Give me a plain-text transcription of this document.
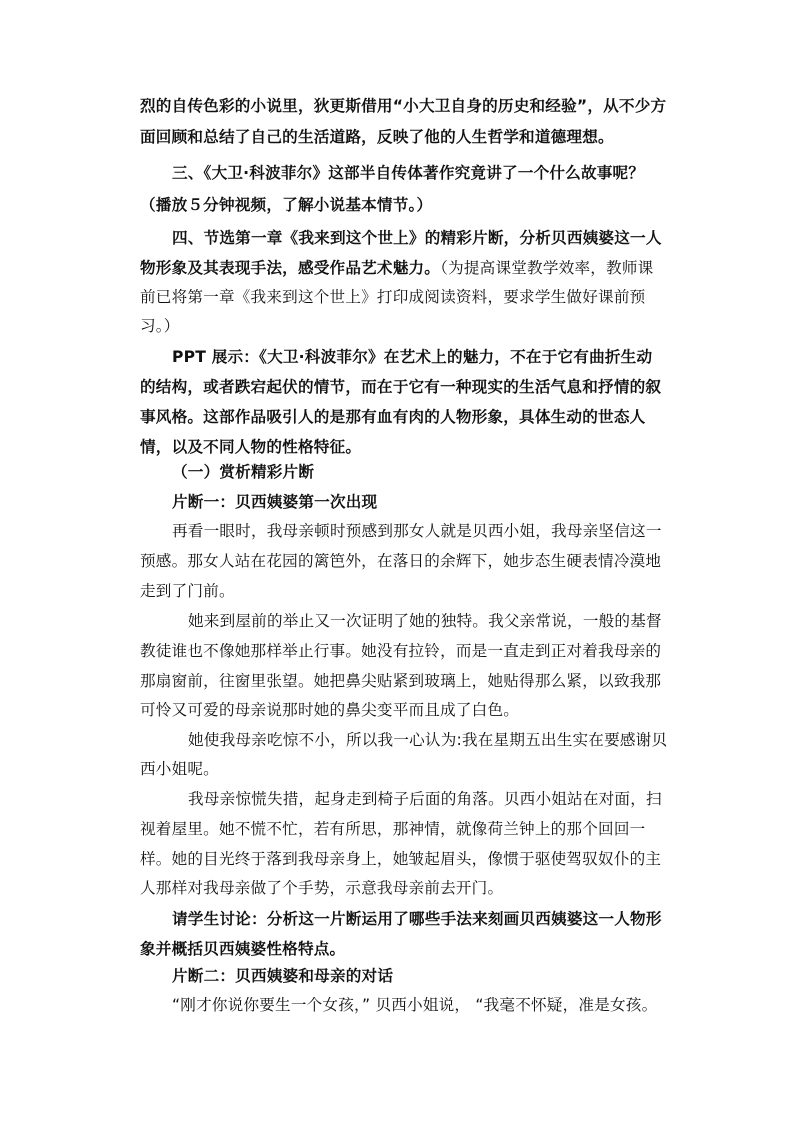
烈的自传色彩的小说里，狄更斯借用“小大卫自身的历史和经验”，从不少方
面回顾和总结了自己的生活道路，反映了他的人生哲学和道德理想。
三、《大卫·科波菲尔》这部半自传体著作究竟讲了一个什么故事呢？
（播放５分钟视频，了解小说基本情节。）
四、节选第一章《我来到这个世上》的精彩片断，分析贝西姨婆这一人
物形象及其表现手法，感受作品艺术魅力。（为提高课堂教学效率，教师课
前已将第一章《我来到这个世上》打印成阅读资料，要求学生做好课前预
习。）
PPT 展示：《大卫·科波菲尔》在艺术上的魅力，不在于它有曲折生动
的结构，或者跌宕起伏的情节，而在于它有一种现实的生活气息和抒情的叙
事风格。这部作品吸引人的是那有血有肉的人物形象，具体生动的世态人
情，以及不同人物的性格特征。
（一）赏析精彩片断
片断一：贝西姨婆第一次出现
再看一眼时，我母亲顿时预感到那女人就是贝西小姐，我母亲坚信这一
预感。那女人站在花园的篱笆外，在落日的余辉下，她步态生硬表情冷漠地
走到了门前。
她来到屋前的举止又一次证明了她的独特。我父亲常说，一般的基督
教徒谁也不像她那样举止行事。她没有拉铃，而是一直走到正对着我母亲的
那扇窗前，往窗里张望。她把鼻尖贴紧到玻璃上，她贴得那么紧，以致我那
可怜又可爱的母亲说那时她的鼻尖变平而且成了白色。
她使我母亲吃惊不小，所以我一心认为:我在星期五出生实在要感谢贝
西小姐呢。
我母亲惊慌失措，起身走到椅子后面的角落。贝西小姐站在对面，扫
视着屋里。她不慌不忙，若有所思，那神情，就像荷兰钟上的那个回回一
样。她的目光终于落到我母亲身上，她皱起眉头，像惯于驱使驾驭奴仆的主
人那样对我母亲做了个手势，示意我母亲前去开门。
请学生讨论：分析这一片断运用了哪些手法来刻画贝西姨婆这一人物形
象并概括贝西姨婆性格特点。
片断二：贝西姨婆和母亲的对话
“刚才你说你要生一个女孩，” 贝西小姐说， “我毫不怀疑，准是女孩。
